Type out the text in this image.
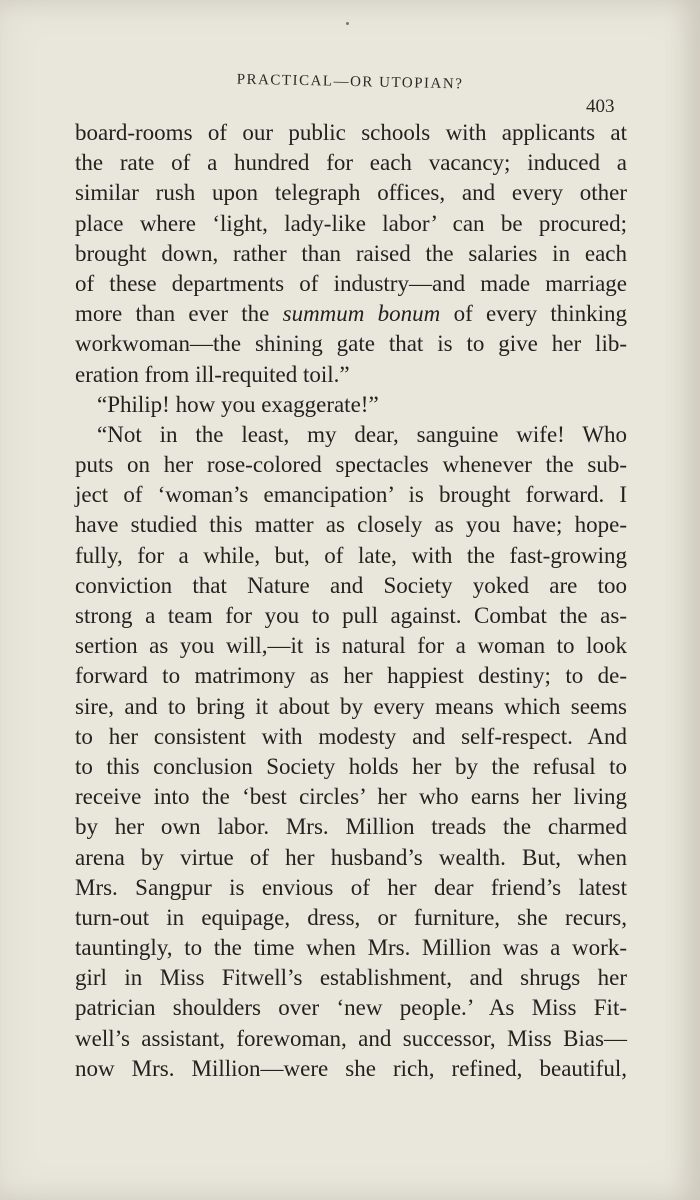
PRACTICAL—OR UTOPIAN?
403
board-rooms of our public schools with applicants at
the rate of a hundred for each vacancy; induced a
similar rush upon telegraph offices, and every other
place where ‘light, lady-like labor’ can be procured;
brought down, rather than raised the salaries in each
of these departments of industry—and made marriage
more than ever the summum bonum of every thinking
workwoman—the shining gate that is to give her lib-
eration from ill-requited toil.”
“Philip! how you exaggerate!”
“Not in the least, my dear, sanguine wife! Who
puts on her rose-colored spectacles whenever the sub-
ject of ‘woman’s emancipation’ is brought forward. I
have studied this matter as closely as you have; hope-
fully, for a while, but, of late, with the fast-growing
conviction that Nature and Society yoked are too
strong a team for you to pull against. Combat the as-
sertion as you will,—it is natural for a woman to look
forward to matrimony as her happiest destiny; to de-
sire, and to bring it about by every means which seems
to her consistent with modesty and self-respect. And
to this conclusion Society holds her by the refusal to
receive into the ‘best circles’ her who earns her living
by her own labor. Mrs. Million treads the charmed
arena by virtue of her husband’s wealth. But, when
Mrs. Sangpur is envious of her dear friend’s latest
turn-out in equipage, dress, or furniture, she recurs,
tauntingly, to the time when Mrs. Million was a work-
girl in Miss Fitwell’s establishment, and shrugs her
patrician shoulders over ‘new people.’ As Miss Fit-
well’s assistant, forewoman, and successor, Miss Bias—
now Mrs. Million—were she rich, refined, beautiful,
